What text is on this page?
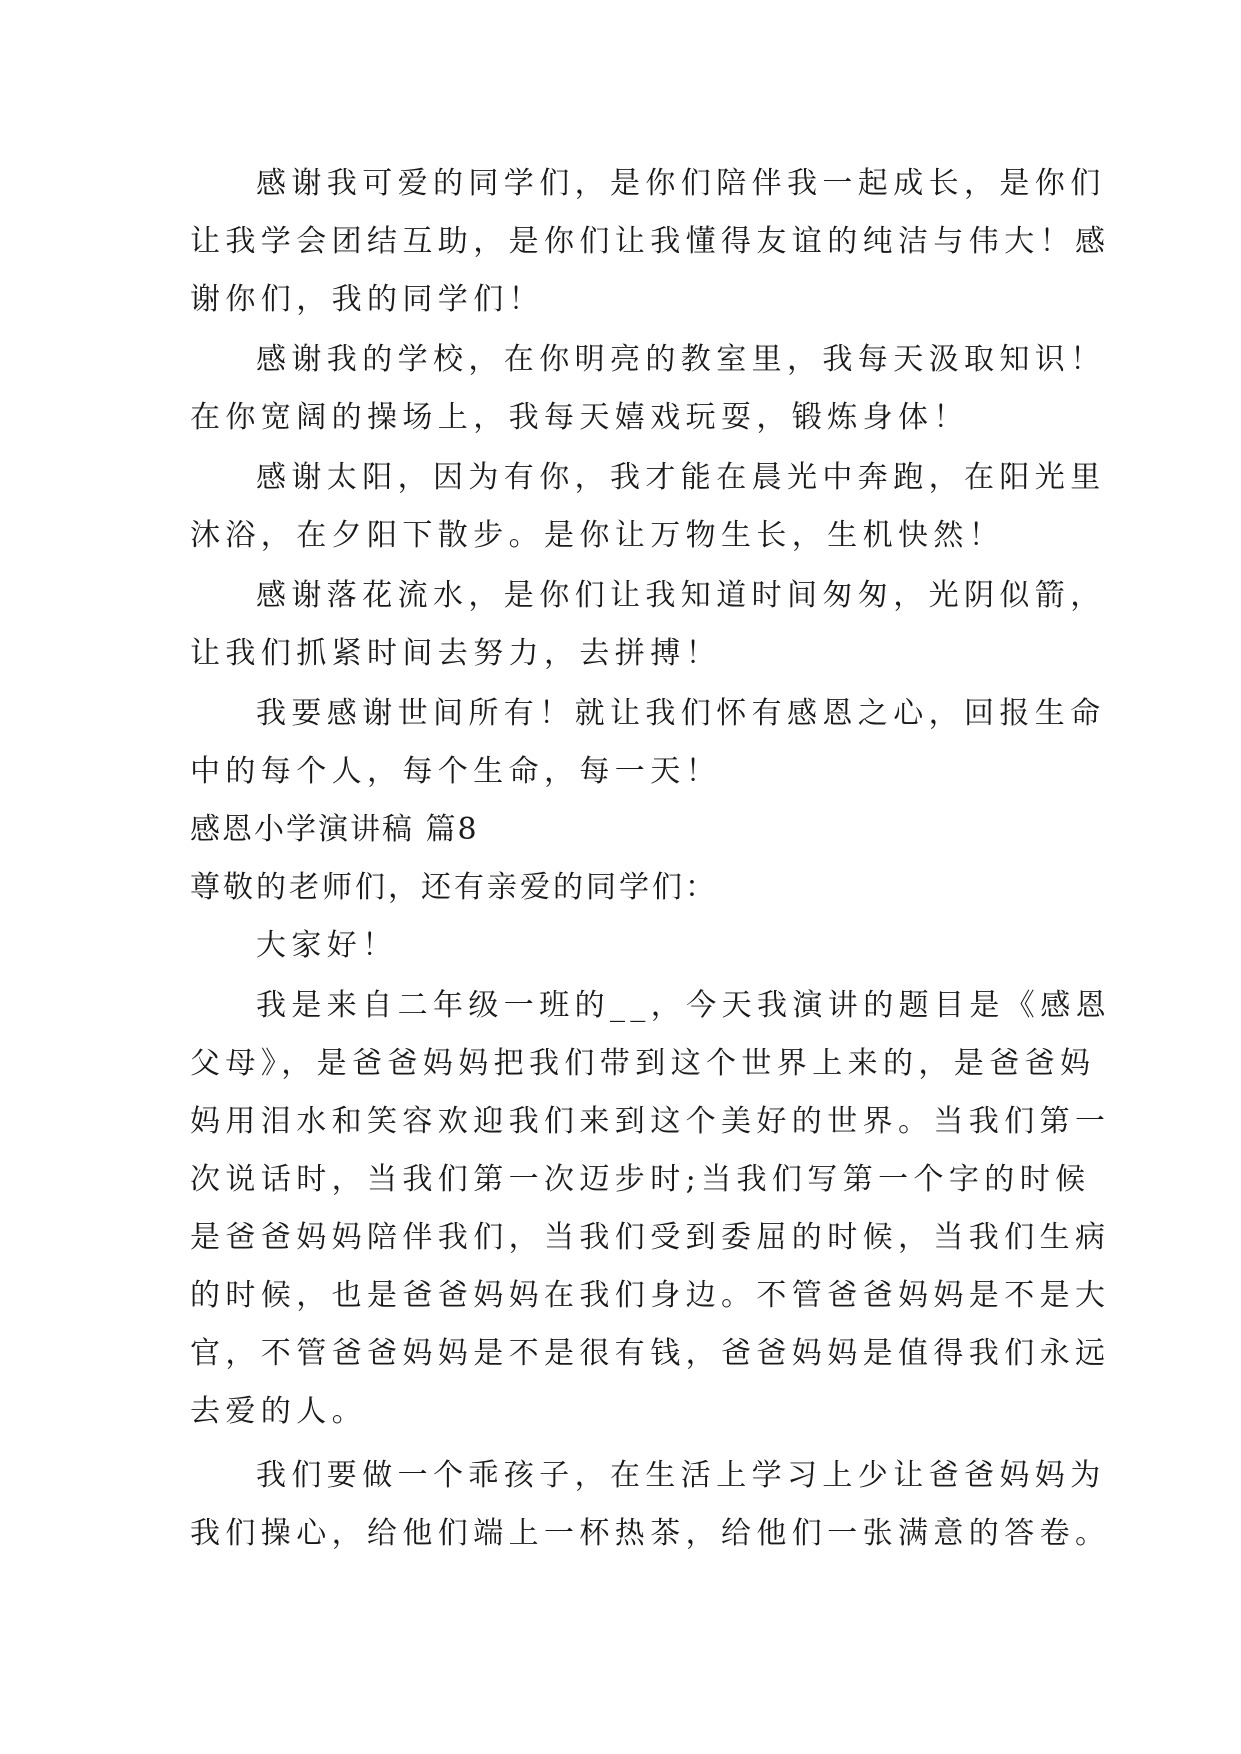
感谢我可爱的同学们，是你们陪伴我一起成长，是你们
让我学会团结互助，是你们让我懂得友谊的纯洁与伟大！感
谢你们，我的同学们！
感谢我的学校，在你明亮的教室里，我每天汲取知识！
在你宽阔的操场上，我每天嬉戏玩耍，锻炼身体！
感谢太阳，因为有你，我才能在晨光中奔跑，在阳光里
沐浴，在夕阳下散步。是你让万物生长，生机快然！
感谢落花流水，是你们让我知道时间匆匆，光阴似箭，
让我们抓紧时间去努力，去拼搏！
我要感谢世间所有！就让我们怀有感恩之心，回报生命
中的每个人，每个生命，每一天！
感恩小学演讲稿 篇8
尊敬的老师们，还有亲爱的同学们：
大家好！
我是来自二年级一班的__，今天我演讲的题目是《感恩
父母》，是爸爸妈妈把我们带到这个世界上来的，是爸爸妈
妈用泪水和笑容欢迎我们来到这个美好的世界。当我们第一
次说话时，当我们第一次迈步时;当我们写第一个字的时候
是爸爸妈妈陪伴我们，当我们受到委屈的时候，当我们生病
的时候，也是爸爸妈妈在我们身边。不管爸爸妈妈是不是大
官，不管爸爸妈妈是不是很有钱，爸爸妈妈是值得我们永远
去爱的人。
我们要做一个乖孩子，在生活上学习上少让爸爸妈妈为
我们操心，给他们端上一杯热茶，给他们一张满意的答卷。
